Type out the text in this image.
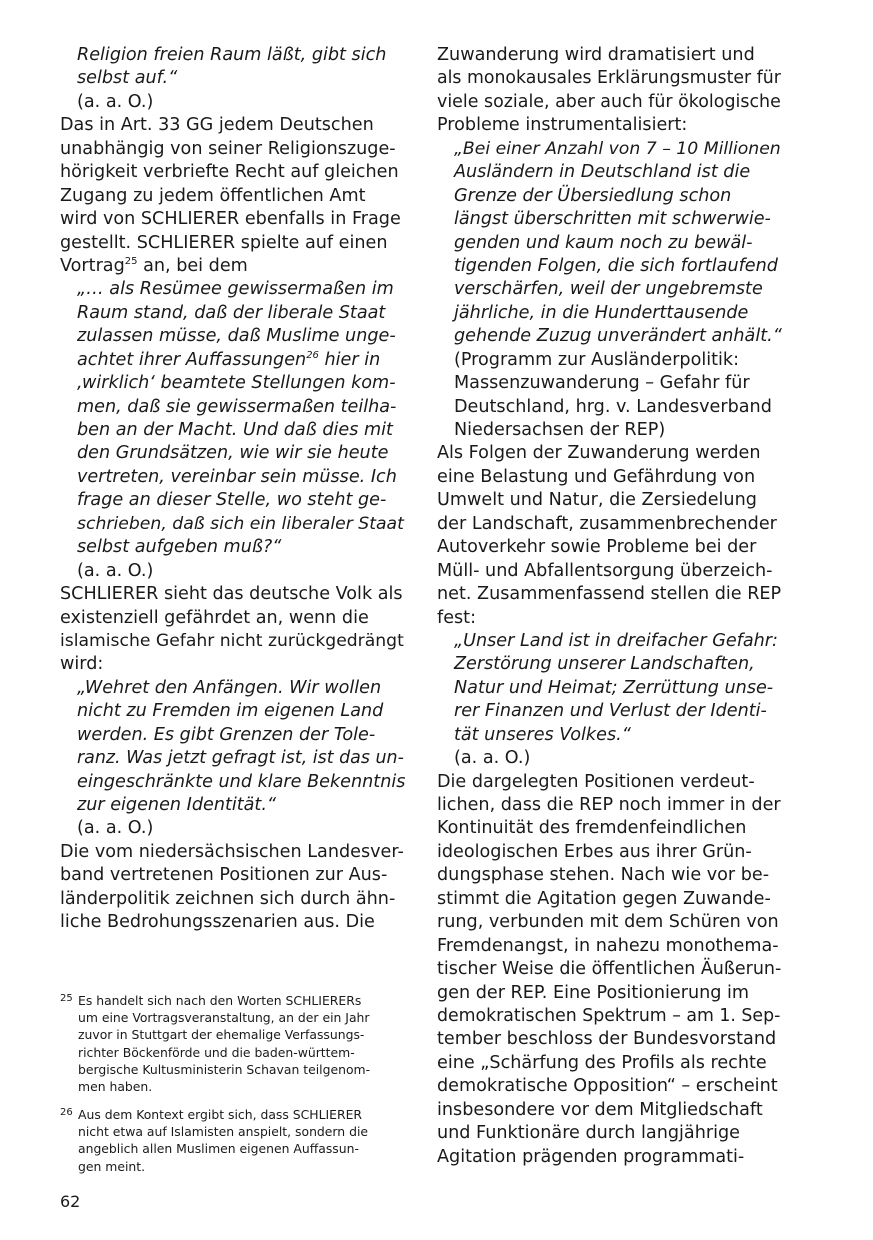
Religion freien Raum läßt, gibt sich
selbst auf.“
(a. a. O.)
Das in Art. 33 GG jedem Deutschen
unabhängig von seiner Religionszuge-
hörigkeit verbriefte Recht auf gleichen
Zugang zu jedem öffentlichen Amt
wird von SCHLIERER ebenfalls in Frage
gestellt. SCHLIERER spielte auf einen
Vortrag$^{25}$ an, bei dem
„… als Resümee gewissermaßen im
Raum stand, daß der liberale Staat
zulassen müsse, daß Muslime unge-
achtet ihrer Auffassungen$^{26}$ hier in
‚wirklich‘ beamtete Stellungen kom-
men, daß sie gewissermaßen teilha-
ben an der Macht. Und daß dies mit
den Grundsätzen, wie wir sie heute
vertreten, vereinbar sein müsse. Ich
frage an dieser Stelle, wo steht ge-
schrieben, daß sich ein liberaler Staat
selbst aufgeben muß?“
(a. a. O.)
SCHLIERER sieht das deutsche Volk als
existenziell gefährdet an, wenn die
islamische Gefahr nicht zurückgedrängt
wird:
„Wehret den Anfängen. Wir wollen
nicht zu Fremden im eigenen Land
werden. Es gibt Grenzen der Tole-
ranz. Was jetzt gefragt ist, ist das un-
eingeschränkte und klare Bekenntnis
zur eigenen Identität.“
(a. a. O.)
Die vom niedersächsischen Landesver-
band vertretenen Positionen zur Aus-
länderpolitik zeichnen sich durch ähn-
liche Bedrohungsszenarien aus. Die
Zuwanderung wird dramatisiert und
als monokausales Erklärungsmuster für
viele soziale, aber auch für ökologische
Probleme instrumentalisiert:
„Bei einer Anzahl von 7 – 10 Millionen
Ausländern in Deutschland ist die
Grenze der Übersiedlung schon
längst überschritten mit schwerwie-
genden und kaum noch zu bewäl-
tigenden Folgen, die sich fortlaufend
verschärfen, weil der ungebremste
jährliche, in die Hunderttausende
gehende Zuzug unverändert anhält.“
(Programm zur Ausländerpolitik:
Massenzuwanderung – Gefahr für
Deutschland, hrg. v. Landesverband
Niedersachsen der REP)
Als Folgen der Zuwanderung werden
eine Belastung und Gefährdung von
Umwelt und Natur, die Zersiedelung
der Landschaft, zusammenbrechender
Autoverkehr sowie Probleme bei der
Müll- und Abfallentsorgung überzeich-
net. Zusammenfassend stellen die REP
fest:
„Unser Land ist in dreifacher Gefahr:
Zerstörung unserer Landschaften,
Natur und Heimat; Zerrüttung unse-
rer Finanzen und Verlust der Identi-
tät unseres Volkes.“
(a. a. O.)
Die dargelegten Positionen verdeut-
lichen, dass die REP noch immer in der
Kontinuität des fremdenfeindlichen
ideologischen Erbes aus ihrer Grün-
dungsphase stehen. Nach wie vor be-
stimmt die Agitation gegen Zuwande-
rung, verbunden mit dem Schüren von
Fremdenangst, in nahezu monothema-
tischer Weise die öffentlichen Äußerun-
gen der REP. Eine Positionierung im
demokratischen Spektrum – am 1. Sep-
tember beschloss der Bundesvorstand
eine „Schärfung des Profils als rechte
demokratische Opposition“ – erscheint
insbesondere vor dem Mitgliedschaft
und Funktionäre durch langjährige
Agitation prägenden programmati-
25 Es handelt sich nach den Worten SCHLIERERs
um eine Vortragsveranstaltung, an der ein Jahr
zuvor in Stuttgart der ehemalige Verfassungs-
richter Böckenförde und die baden-württem-
bergische Kultusministerin Schavan teilgenom-
men haben.
26 Aus dem Kontext ergibt sich, dass SCHLIERER
nicht etwa auf Islamisten anspielt, sondern die
angeblich allen Muslimen eigenen Auffassun-
gen meint.
62
